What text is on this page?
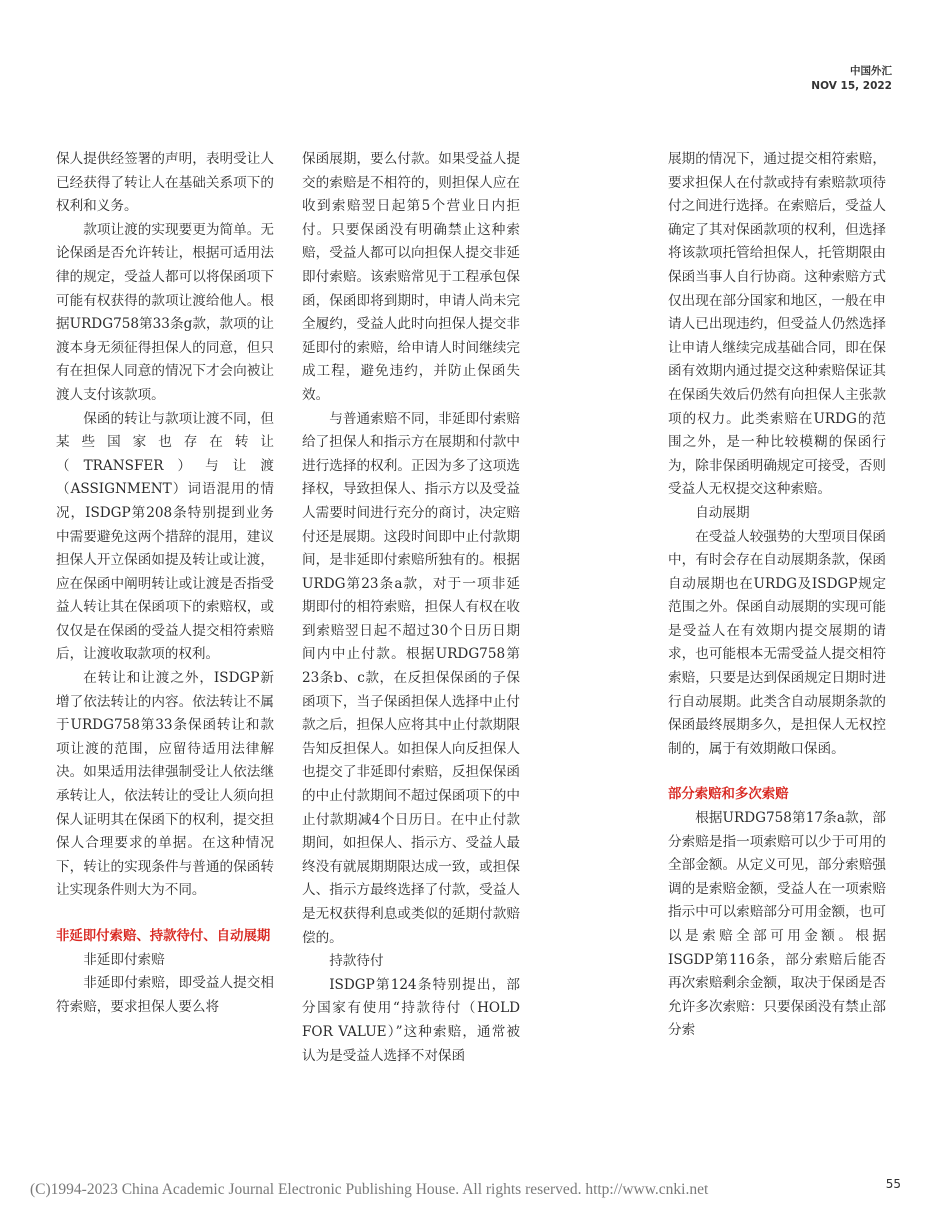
中国外汇
NOV 15, 2022

保人提供经签署的声明，表明受让人已经获得了转让人在基础关系项下的权利和义务。

款项让渡的实现要更为简单。无论保函是否允许转让，根据可适用法律的规定，受益人都可以将保函项下可能有权获得的款项让渡给他人。根据URDG758第33条g款，款项的让渡本身无须征得担保人的同意，但只有在担保人同意的情况下才会向被让渡人支付该款项。

保函的转让与款项让渡不同，但某些国家也存在转让（TRANSFER）与让渡（ASSIGNMENT）词语混用的情况，ISDGP第208条特别提到业务中需要避免这两个措辞的混用，建议担保人开立保函如提及转让或让渡，应在保函中阐明转让或让渡是否指受益人转让其在保函项下的索赔权，或仅仅是在保函的受益人提交相符索赔后，让渡收取款项的权利。

在转让和让渡之外，ISDGP新增了依法转让的内容。依法转让不属于URDG758第33条保函转让和款项让渡的范围，应留待适用法律解决。如果适用法律强制受让人依法继承转让人，依法转让的受让人须向担保人证明其在保函下的权利，提交担保人合理要求的单据。在这种情况下，转让的实现条件与普通的保函转让实现条件则大为不同。

非延即付索赔、持款待付、自动展期
非延即付索赔

非延即付索赔，即受益人提交相符索赔，要求担保人要么将

保函展期，要么付款。如果受益人提交的索赔是不相符的，则担保人应在收到索赔翌日起第5个营业日内拒付。只要保函没有明确禁止这种索赔，受益人都可以向担保人提交非延即付索赔。该索赔常见于工程承包保函，保函即将到期时，申请人尚未完全履约，受益人此时向担保人提交非延即付的索赔，给申请人时间继续完成工程，避免违约，并防止保函失效。

与普通索赔不同，非延即付索赔给了担保人和指示方在展期和付款中进行选择的权利。正因为多了这项选择权，导致担保人、指示方以及受益人需要时间进行充分的商讨，决定赔付还是展期。这段时间即中止付款期间，是非延即付索赔所独有的。根据URDG第23条a款，对于一项非延期即付的相符索赔，担保人有权在收到索赔翌日起不超过30个日历日期间内中止付款。根据URDG758第23条b、c款，在反担保保函的子保函项下，当子保函担保人选择中止付款之后，担保人应将其中止付款期限告知反担保人。如担保人向反担保人也提交了非延即付索赔，反担保保函的中止付款期间不超过保函项下的中止付款期减4个日历日。在中止付款期间，如担保人、指示方、受益人最终没有就展期期限达成一致，或担保人、指示方最终选择了付款，受益人是无权获得利息或类似的延期付款赔偿的。

持款待付

ISDGP第124条特别提出，部分国家有使用“持款待付（HOLD FOR VALUE）”这种索赔，通常被认为是受益人选择不对保函

展期的情况下，通过提交相符索赔，要求担保人在付款或持有索赔款项待付之间进行选择。在索赔后，受益人确定了其对保函款项的权利，但选择将该款项托管给担保人，托管期限由保函当事人自行协商。这种索赔方式仅出现在部分国家和地区，一般在申请人已出现违约，但受益人仍然选择让申请人继续完成基础合同，即在保函有效期内通过提交这种索赔保证其在保函失效后仍然有向担保人主张款项的权力。此类索赔在URDG的范围之外，是一种比较模糊的保函行为，除非保函明确规定可接受，否则受益人无权提交这种索赔。

自动展期

在受益人较强势的大型项目保函中，有时会存在自动展期条款，保函自动展期也在URDG及ISDGP规定范围之外。保函自动展期的实现可能是受益人在有效期内提交展期的请求，也可能根本无需受益人提交相符索赔，只要是达到保函规定日期时进行自动展期。此类含自动展期条款的保函最终展期多久，是担保人无权控制的，属于有效期敞口保函。

部分索赔和多次索赔

根据URDG758第17条a款，部分索赔是指一项索赔可以少于可用的全部金额。从定义可见，部分索赔强调的是索赔金额，受益人在一项索赔指示中可以索赔部分可用金额，也可以是索赔全部可用金额。根据ISGDP第116条，部分索赔后能否再次索赔剩余金额，取决于保函是否允许多次索赔：只要保函没有禁止部分索

(C)1994-2023 China Academic Journal Electronic Publishing House. All rights reserved. http://www.cnki.net	55
